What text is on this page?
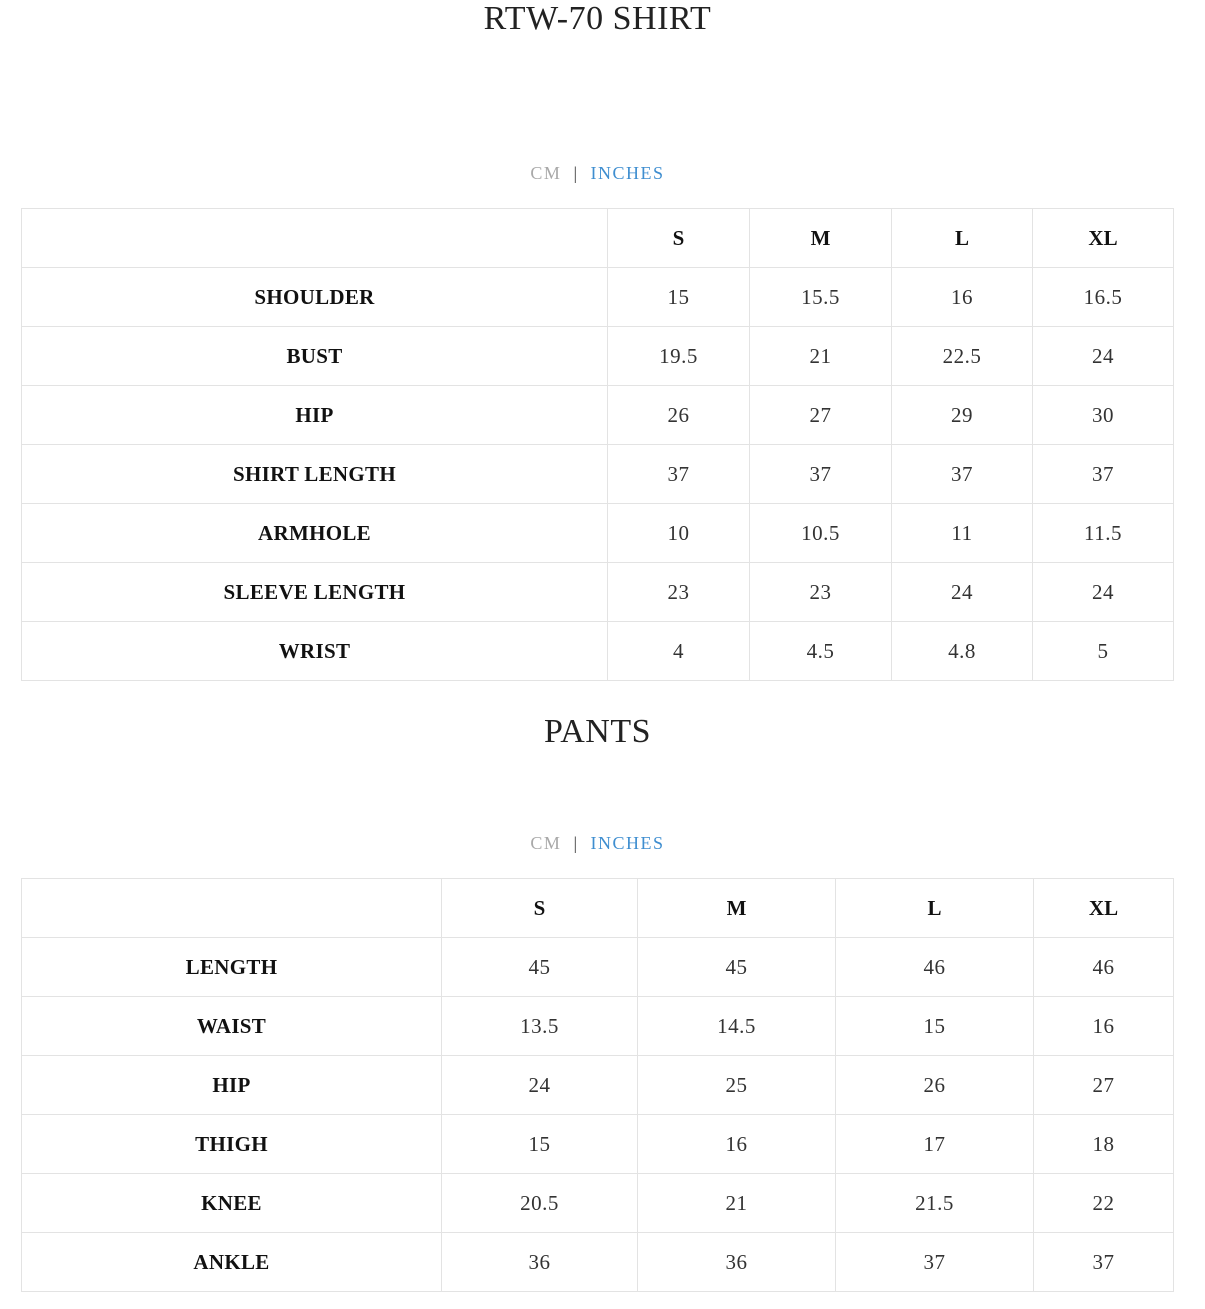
RTW-70 SHIRT
CM | INCHES
	S	M	L	XL
SHOULDER	15	15.5	16	16.5
BUST	19.5	21	22.5	24
HIP	26	27	29	30
SHIRT LENGTH	37	37	37	37
ARMHOLE	10	10.5	11	11.5
SLEEVE LENGTH	23	23	24	24
WRIST	4	4.5	4.8	5
PANTS
CM | INCHES
	S	M	L	XL
LENGTH	45	45	46	46
WAIST	13.5	14.5	15	16
HIP	24	25	26	27
THIGH	15	16	17	18
KNEE	20.5	21	21.5	22
ANKLE	36	36	37	37
